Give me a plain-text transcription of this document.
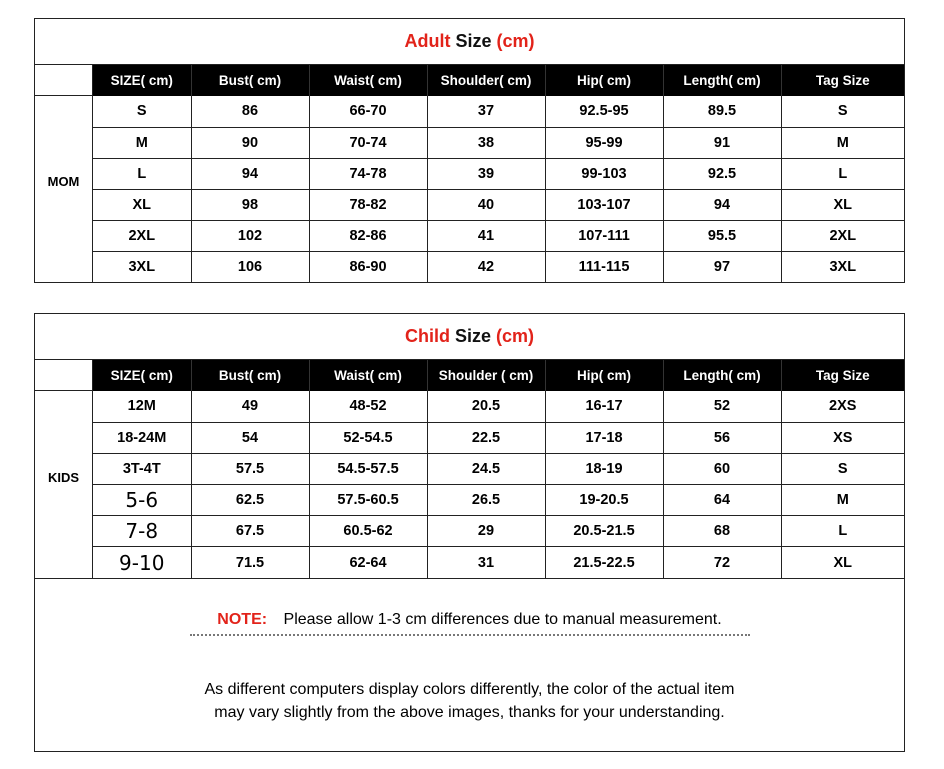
Adult Size (cm)
MOM
SIZE( cm)	Bust( cm)	Waist( cm)	Shoulder( cm)	Hip( cm)	Length( cm)	Tag Size
S	86	66-70	37	92.5-95	89.5	S
M	90	70-74	38	95-99	91	M
L	94	74-78	39	99-103	92.5	L
XL	98	78-82	40	103-107	94	XL
2XL	102	82-86	41	107-111	95.5	2XL
3XL	106	86-90	42	111-115	97	3XL
Child Size (cm)
KIDS
SIZE( cm)	Bust( cm)	Waist( cm)	Shoulder ( cm)	Hip( cm)	Length( cm)	Tag Size
12M	49	48-52	20.5	16-17	52	2XS
18-24M	54	52-54.5	22.5	17-18	56	XS
3T-4T	57.5	54.5-57.5	24.5	18-19	60	S
5-6	62.5	57.5-60.5	26.5	19-20.5	64	M
7-8	67.5	60.5-62	29	20.5-21.5	68	L
9-10	71.5	62-64	31	21.5-22.5	72	XL
NOTE: Please allow 1-3 cm differences due to manual measurement.
As different computers display colors differently, the color of the actual item
may vary slightly from the above images, thanks for your understanding.
